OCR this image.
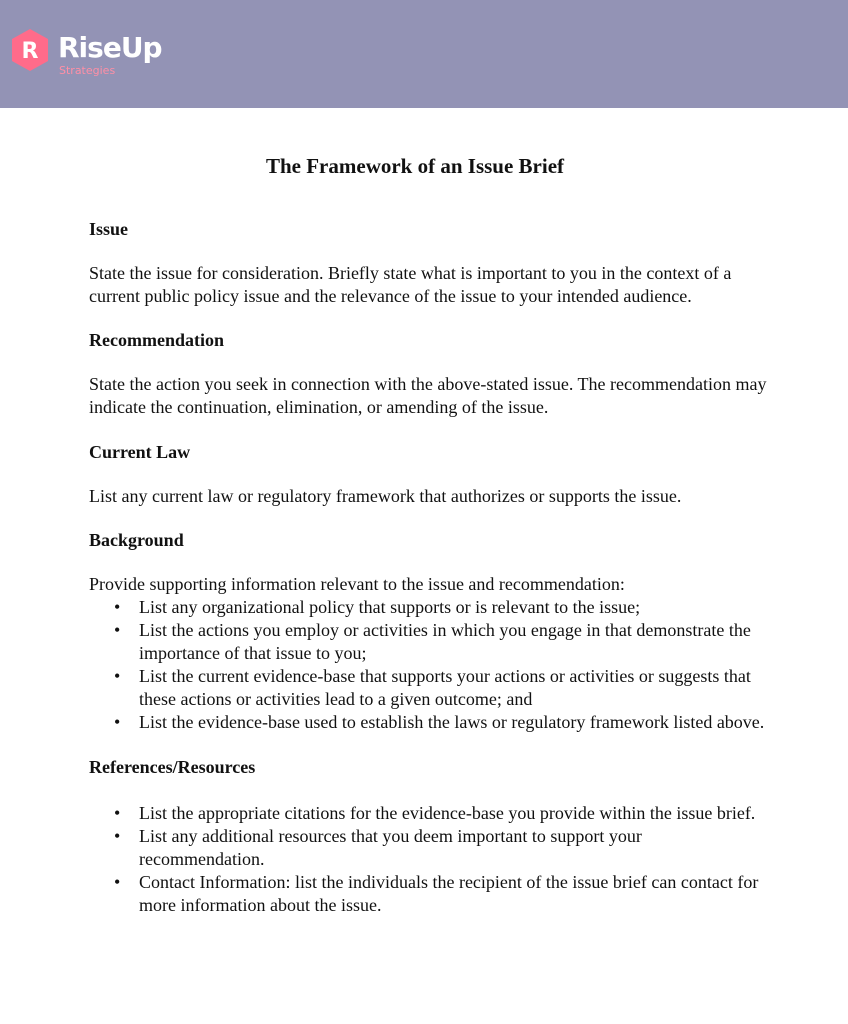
R RiseUp
Strategies
The Framework of an Issue Brief
Issue
State the issue for consideration. Briefly state what is important to you in the context of a current public policy issue and the relevance of the issue to your intended audience.
Recommendation
State the action you seek in connection with the above-stated issue. The recommendation may indicate the continuation, elimination, or amending of the issue.
Current Law
List any current law or regulatory framework that authorizes or supports the issue.
Background
Provide supporting information relevant to the issue and recommendation:
• List any organizational policy that supports or is relevant to the issue;
• List the actions you employ or activities in which you engage in that demonstrate the importance of that issue to you;
• List the current evidence-base that supports your actions or activities or suggests that these actions or activities lead to a given outcome; and
• List the evidence-base used to establish the laws or regulatory framework listed above.
References/Resources
• List the appropriate citations for the evidence-base you provide within the issue brief.
• List any additional resources that you deem important to support your recommendation.
• Contact Information: list the individuals the recipient of the issue brief can contact for more information about the issue.
